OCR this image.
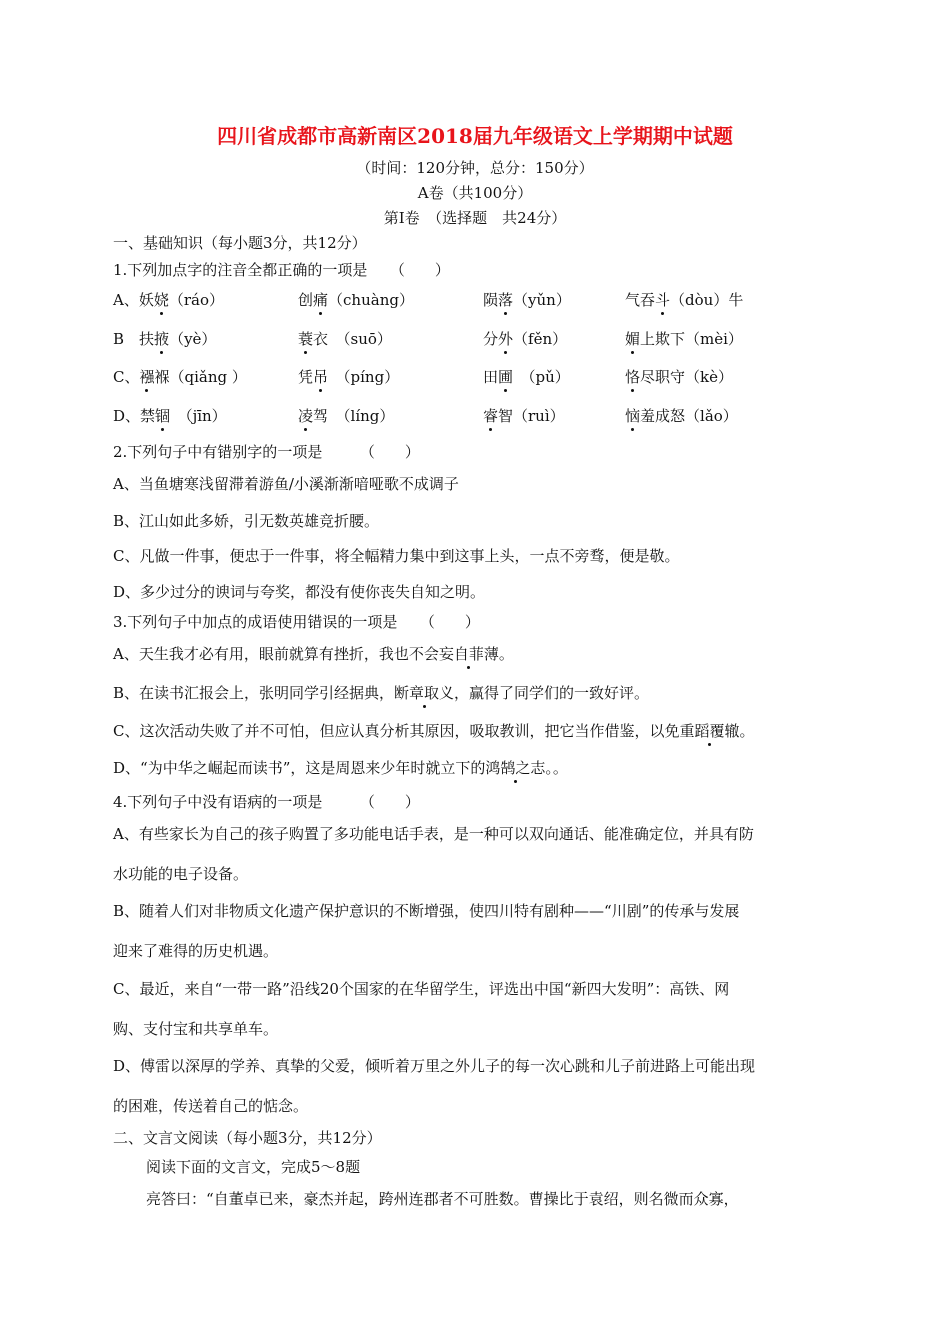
四川省成都市高新南区2018届九年级语文上学期期中试题
（时间：120分钟，总分：150分）
A卷（共100分）
第Ⅰ卷　（选择题　共24分）
一、基础知识（每小题3分，共12分）
1.下列加点字的注音全都正确的一项是　　（　　）
A、妖娆（ráo）	创痛（chuàng）	陨落（yǔn）	气吞斗（dòu）牛
B　扶掖（yè）	蓑衣　（suō）	分外（fěn）	媚上欺下（mèi）
C、襁褓（qiǎng ）	凭吊　（píng）	田圃　（pǔ）	恪尽职守（kè）
D、禁锢　（jīn）	凌驾　（líng）	睿智（ruì）	恼羞成怒（lǎo）
2.下列句子中有错别字的一项是　　　（　　）
A、当鱼塘寒浅留滞着游鱼/小溪渐渐喑哑歌不成调子
B、江山如此多娇，引无数英雄竞折腰。
C、凡做一件事，便忠于一件事，将全幅精力集中到这事上头，一点不旁骛，便是敬。
D、多少过分的谀词与夸奖，都没有使你丧失自知之明。
3.下列句子中加点的成语使用错误的一项是　　（　　）
A、天生我才必有用，眼前就算有挫折，我也不会妄自菲薄。
B、在读书汇报会上，张明同学引经据典，断章取义，赢得了同学们的一致好评。
C、这次活动失败了并不可怕，但应认真分析其原因，吸取教训，把它当作借鉴，以免重蹈覆辙。
D、“为中华之崛起而读书”，这是周恩来少年时就立下的鸿鹄之志。。
4.下列句子中没有语病的一项是　　　（　　）
A、有些家长为自己的孩子购置了多功能电话手表，是一种可以双向通话、能准确定位，并具有防
水功能的电子设备。
B、随着人们对非物质文化遗产保护意识的不断增强，使四川特有剧种——“川剧”的传承与发展
迎来了难得的历史机遇。
C、最近，来自“一带一路”沿线20个国家的在华留学生，评选出中国“新四大发明”：高铁、网
购、支付宝和共享单车。
D、傅雷以深厚的学养、真挚的父爱，倾听着万里之外儿子的每一次心跳和儿子前进路上可能出现
的困难，传送着自己的惦念。
二、文言文阅读（每小题3分，共12分）
阅读下面的文言文，完成5～8题
亮答曰：“自董卓已来，豪杰并起，跨州连郡者不可胜数。曹操比于袁绍，则名微而众寡，
